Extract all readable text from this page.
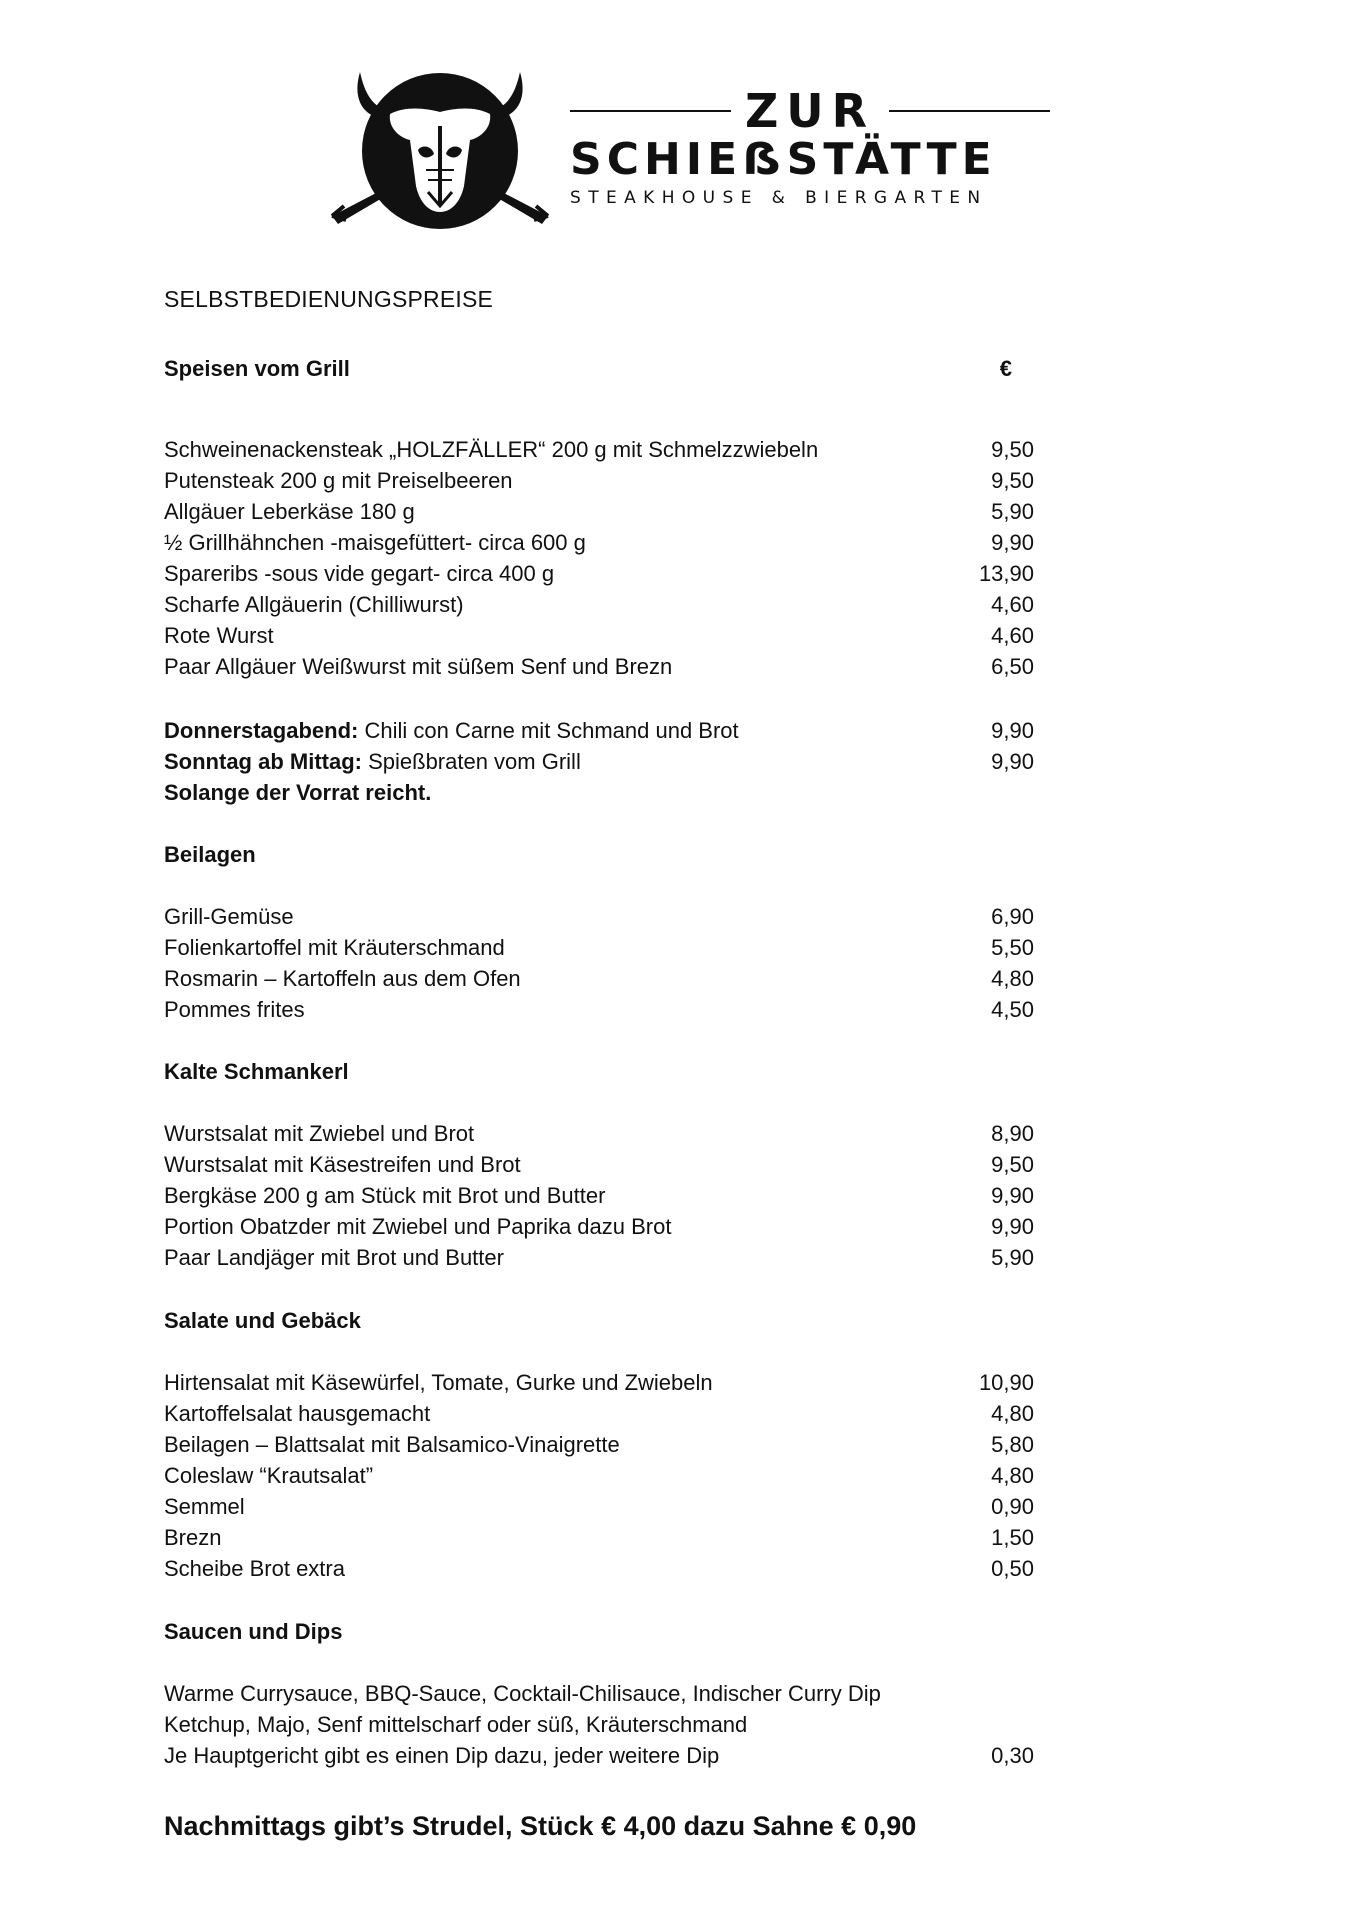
ZUR
SCHIEẞSTÄTTE
STEAKHOUSE & BIERGARTEN
SELBSTBEDIENUNGSPREISE
Speisen vom Grill	€
Schweinenackensteak „HOLZFÄLLER“ 200 g mit Schmelzzwiebeln	9,50
Putensteak 200 g mit Preiselbeeren	9,50
Allgäuer Leberkäse 180 g	5,90
½ Grillhähnchen -maisgefüttert- circa 600 g	9,90
Spareribs -sous vide gegart- circa 400 g	13,90
Scharfe Allgäuerin (Chilliwurst)	4,60
Rote Wurst	4,60
Paar Allgäuer Weißwurst mit süßem Senf und Brezn	6,50
Donnerstagabend: Chili con Carne mit Schmand und Brot	9,90
Sonntag ab Mittag: Spießbraten vom Grill	9,90
Solange der Vorrat reicht.
Beilagen
Grill-Gemüse	6,90
Folienkartoffel mit Kräuterschmand	5,50
Rosmarin – Kartoffeln aus dem Ofen	4,80
Pommes frites	4,50
Kalte Schmankerl
Wurstsalat mit Zwiebel und Brot	8,90
Wurstsalat mit Käsestreifen und Brot	9,50
Bergkäse 200 g am Stück mit Brot und Butter	9,90
Portion Obatzder mit Zwiebel und Paprika dazu Brot	9,90
Paar Landjäger mit Brot und Butter	5,90
Salate und Gebäck
Hirtensalat mit Käsewürfel, Tomate, Gurke und Zwiebeln	10,90
Kartoffelsalat hausgemacht	4,80
Beilagen – Blattsalat mit Balsamico-Vinaigrette	5,80
Coleslaw “Krautsalat”	4,80
Semmel	0,90
Brezn	1,50
Scheibe Brot extra	0,50
Saucen und Dips
Warme Currysauce, BBQ-Sauce, Cocktail-Chilisauce, Indischer Curry Dip
Ketchup, Majo, Senf mittelscharf oder süß, Kräuterschmand
Je Hauptgericht gibt es einen Dip dazu, jeder weitere Dip	0,30
Nachmittags gibt’s Strudel, Stück € 4,00 dazu Sahne € 0,90
